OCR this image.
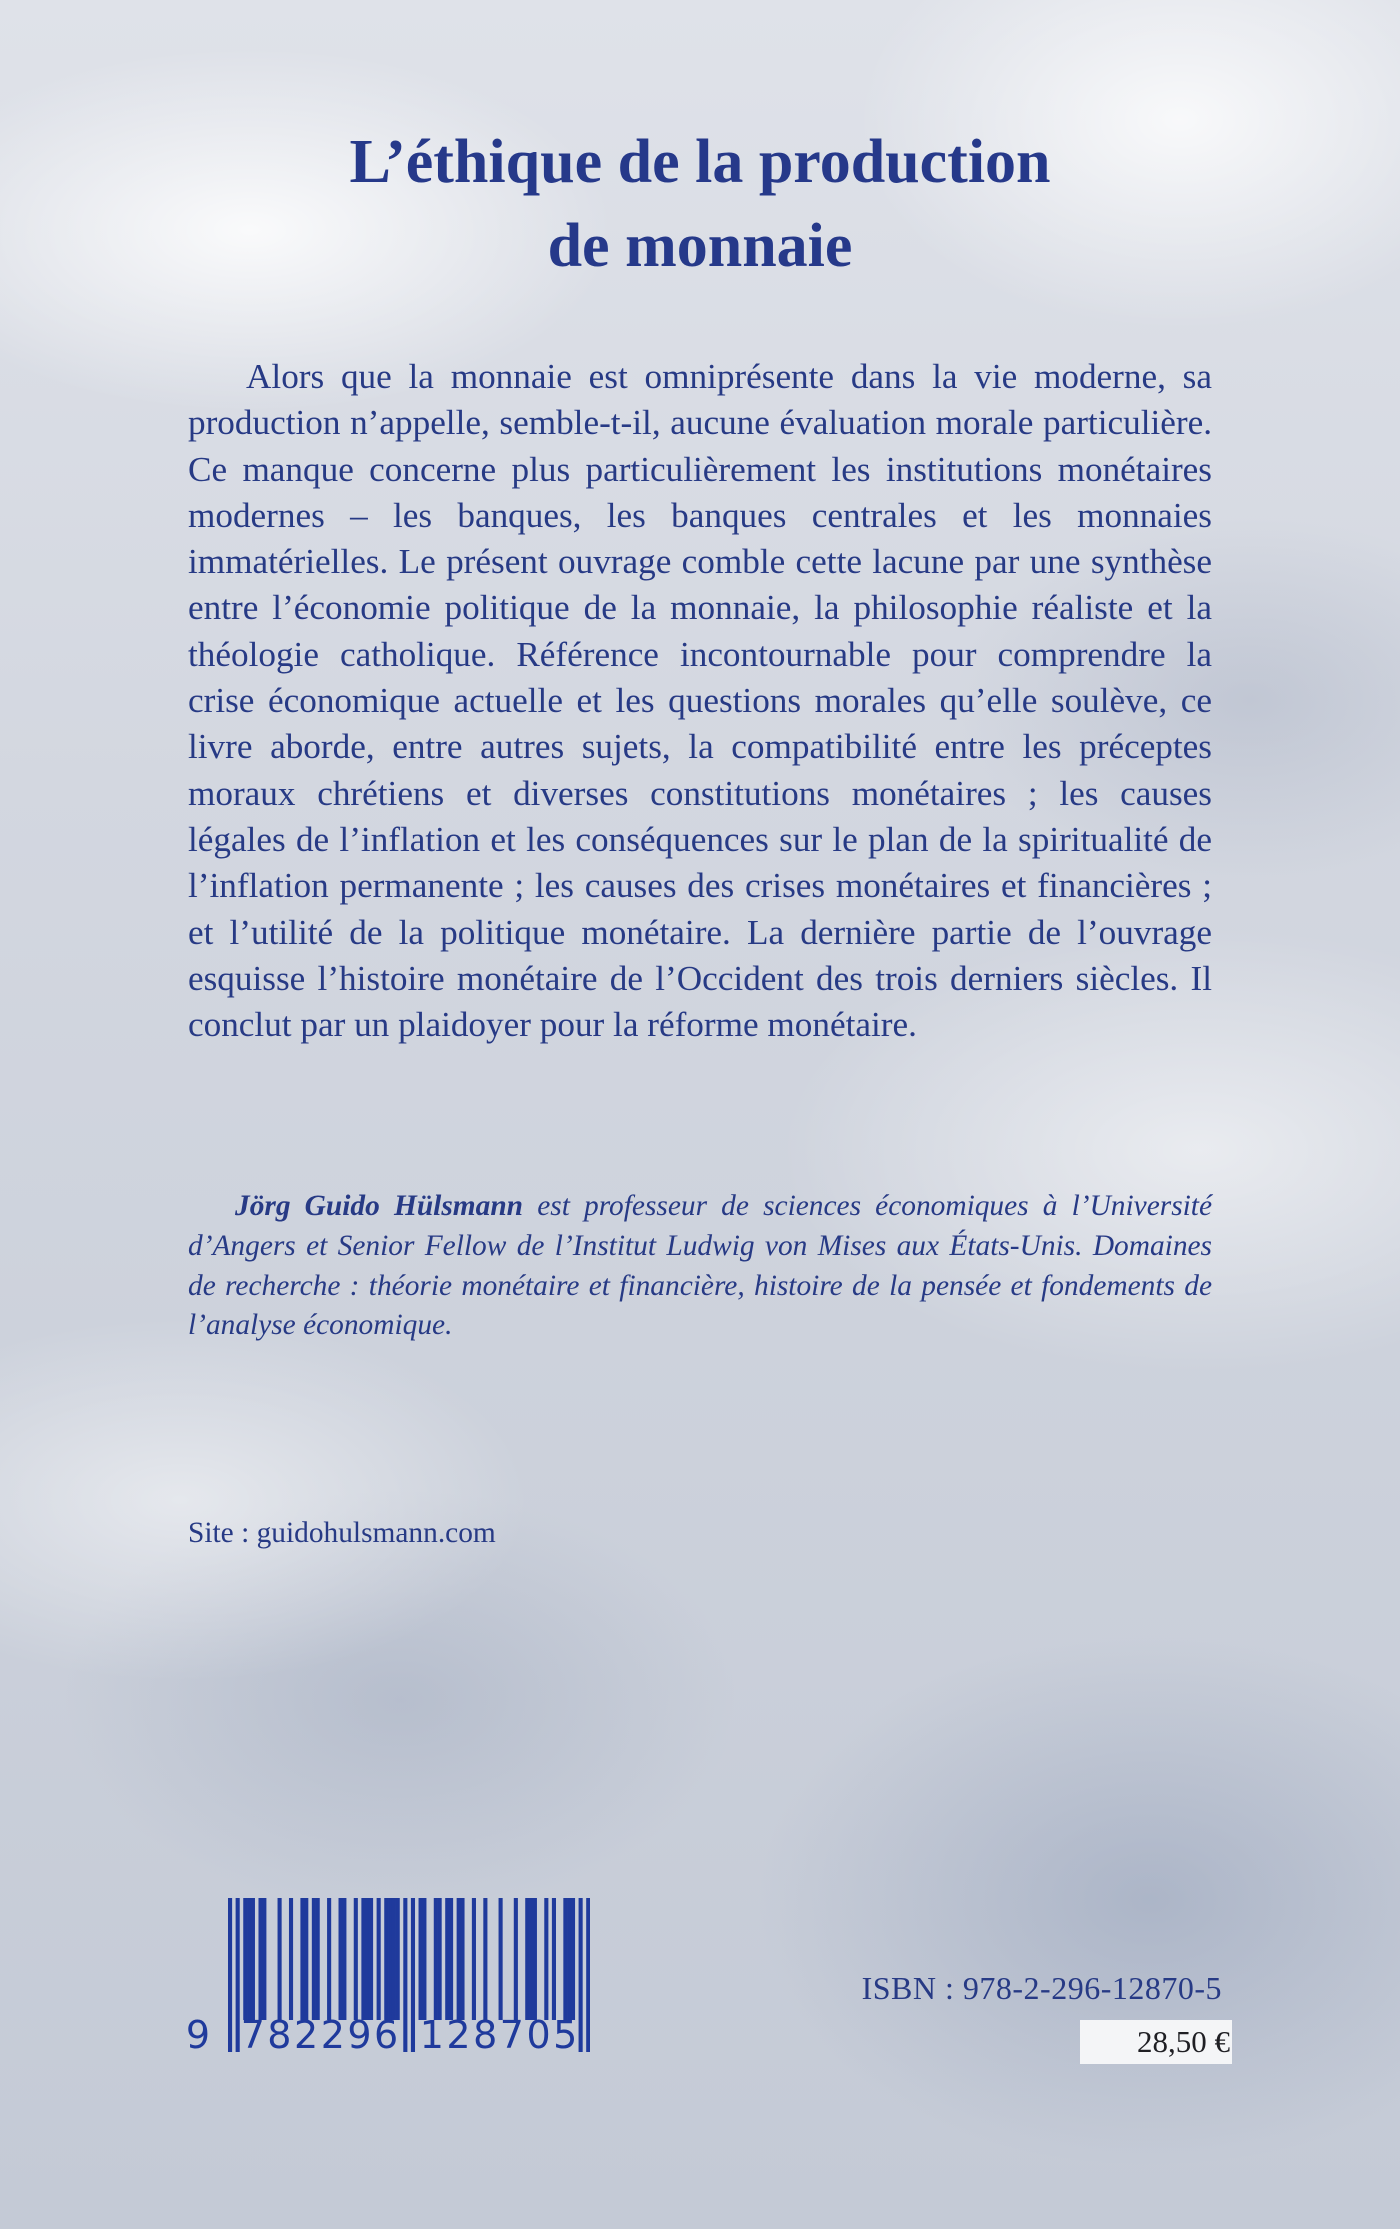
L’éthique de la production
de monnaie

Alors que la monnaie est omniprésente dans la vie moderne, sa production n’appelle, semble-t-il, aucune évaluation morale particulière. Ce manque concerne plus particulièrement les institutions monétaires modernes – les banques, les banques centrales et les monnaies immatérielles. Le présent ouvrage comble cette lacune par une synthèse entre l’économie politique de la monnaie, la philosophie réaliste et la théologie catholique. Référence incontournable pour comprendre la crise économique actuelle et les questions morales qu’elle soulève, ce livre aborde, entre autres sujets, la compatibilité entre les préceptes moraux chrétiens et diverses constitutions monétaires ; les causes légales de l’inflation et les conséquences sur le plan de la spiritualité de l’inflation permanente ; les causes des crises monétaires et financières ; et l’utilité de la politique monétaire. La dernière partie de l’ouvrage esquisse l’histoire monétaire de l’Occident des trois derniers siècles. Il conclut par un plaidoyer pour la réforme monétaire.

Jörg Guido Hülsmann est professeur de sciences économiques à l’Université d’Angers et Senior Fellow de l’Institut Ludwig von Mises aux États-Unis. Domaines de recherche : théorie monétaire et financière, histoire de la pensée et fondements de l’analyse économique.

Site : guidohulsmann.com

9 7 8 2 2 9 6 1 2 8 7 0 5

ISBN : 978-2-296-12870-5

28,50 €
